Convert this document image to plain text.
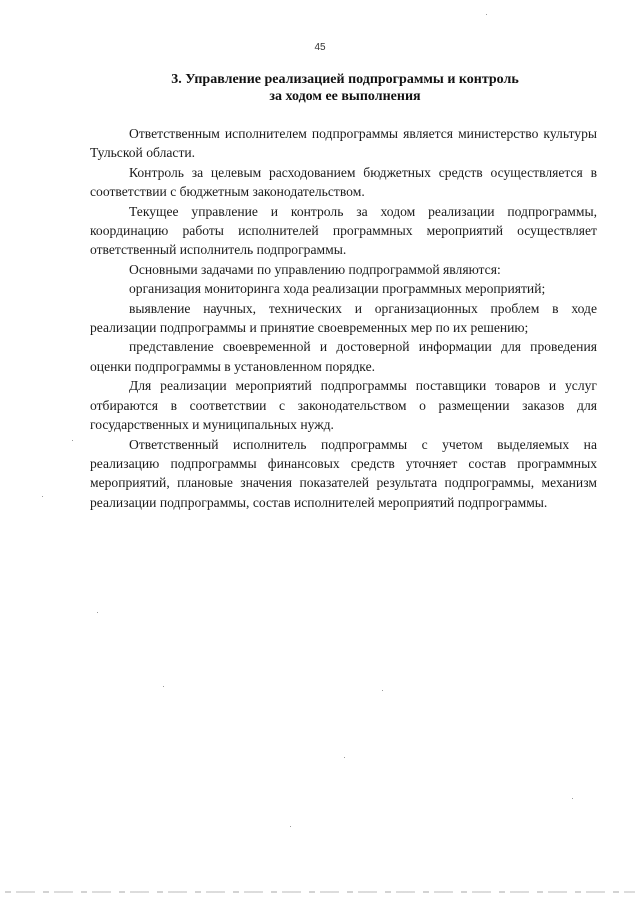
45
3. Управление реализацией подпрограммы и контроль
за ходом ее выполнения

Ответственным исполнителем подпрограммы является министерство культуры Тульской области.

Контроль за целевым расходованием бюджетных средств осуществляется в соответствии с бюджетным законодательством.

Текущее управление и контроль за ходом реализации подпрограммы, координацию работы исполнителей программных мероприятий осуществляет ответственный исполнитель подпрограммы.

Основными задачами по управлению подпрограммой являются:

организация мониторинга хода реализации программных мероприятий;

выявление научных, технических и организационных проблем в ходе реализации подпрограммы и принятие своевременных мер по их решению;

представление своевременной и достоверной информации для проведения оценки подпрограммы в установленном порядке.

Для реализации мероприятий подпрограммы поставщики товаров и услуг отбираются в соответствии с законодательством о размещении заказов для государственных и муниципальных нужд.

Ответственный исполнитель подпрограммы с учетом выделяемых на реализацию подпрограммы финансовых средств уточняет состав программных мероприятий, плановые значения показателей результата подпрограммы, механизм реализации подпрограммы, состав исполнителей мероприятий подпрограммы.
